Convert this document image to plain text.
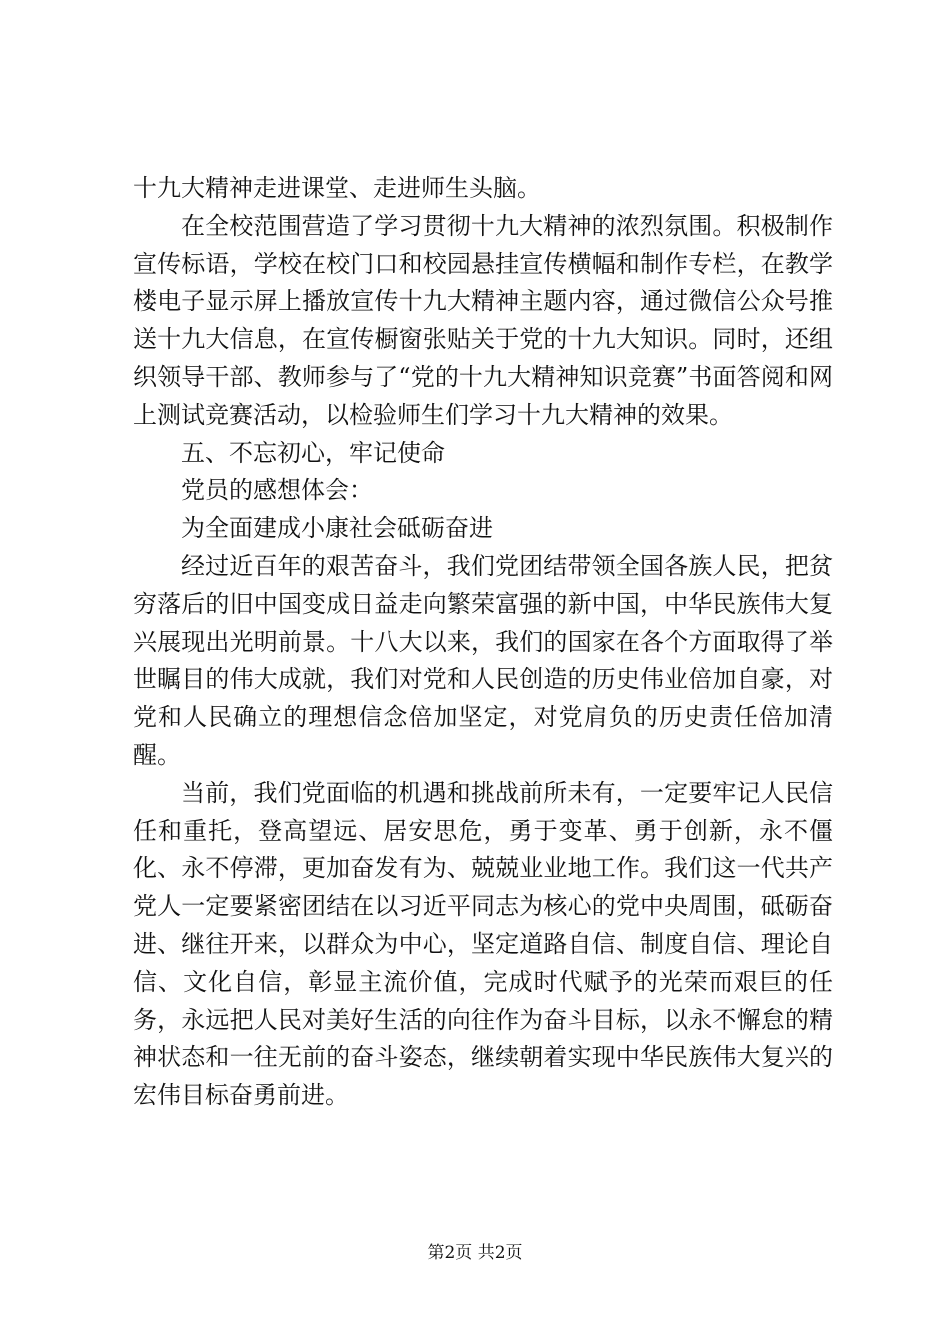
十九大精神走进课堂、走进师生头脑。

在全校范围营造了学习贯彻十九大精神的浓烈氛围。积极制作宣传标语，学校在校门口和校园悬挂宣传横幅和制作专栏，在教学楼电子显示屏上播放宣传十九大精神主题内容，通过微信公众号推送十九大信息，在宣传橱窗张贴关于党的十九大知识。同时，还组织领导干部、教师参与了“党的十九大精神知识竞赛”书面答阅和网上测试竞赛活动，以检验师生们学习十九大精神的效果。

五、不忘初心，牢记使命

党员的感想体会：

为全面建成小康社会砥砺奋进

经过近百年的艰苦奋斗，我们党团结带领全国各族人民，把贫穷落后的旧中国变成日益走向繁荣富强的新中国，中华民族伟大复兴展现出光明前景。十八大以来，我们的国家在各个方面取得了举世瞩目的伟大成就，我们对党和人民创造的历史伟业倍加自豪，对党和人民确立的理想信念倍加坚定，对党肩负的历史责任倍加清醒。

当前，我们党面临的机遇和挑战前所未有，一定要牢记人民信任和重托，登高望远、居安思危，勇于变革、勇于创新，永不僵化、永不停滞，更加奋发有为、兢兢业业地工作。我们这一代共产党人一定要紧密团结在以习近平同志为核心的党中央周围，砥砺奋进、继往开来，以群众为中心，坚定道路自信、制度自信、理论自信、文化自信，彰显主流价值，完成时代赋予的光荣而艰巨的任务，永远把人民对美好生活的向往作为奋斗目标，以永不懈怠的精神状态和一往无前的奋斗姿态，继续朝着实现中华民族伟大复兴的宏伟目标奋勇前进。

第2页 共2页
